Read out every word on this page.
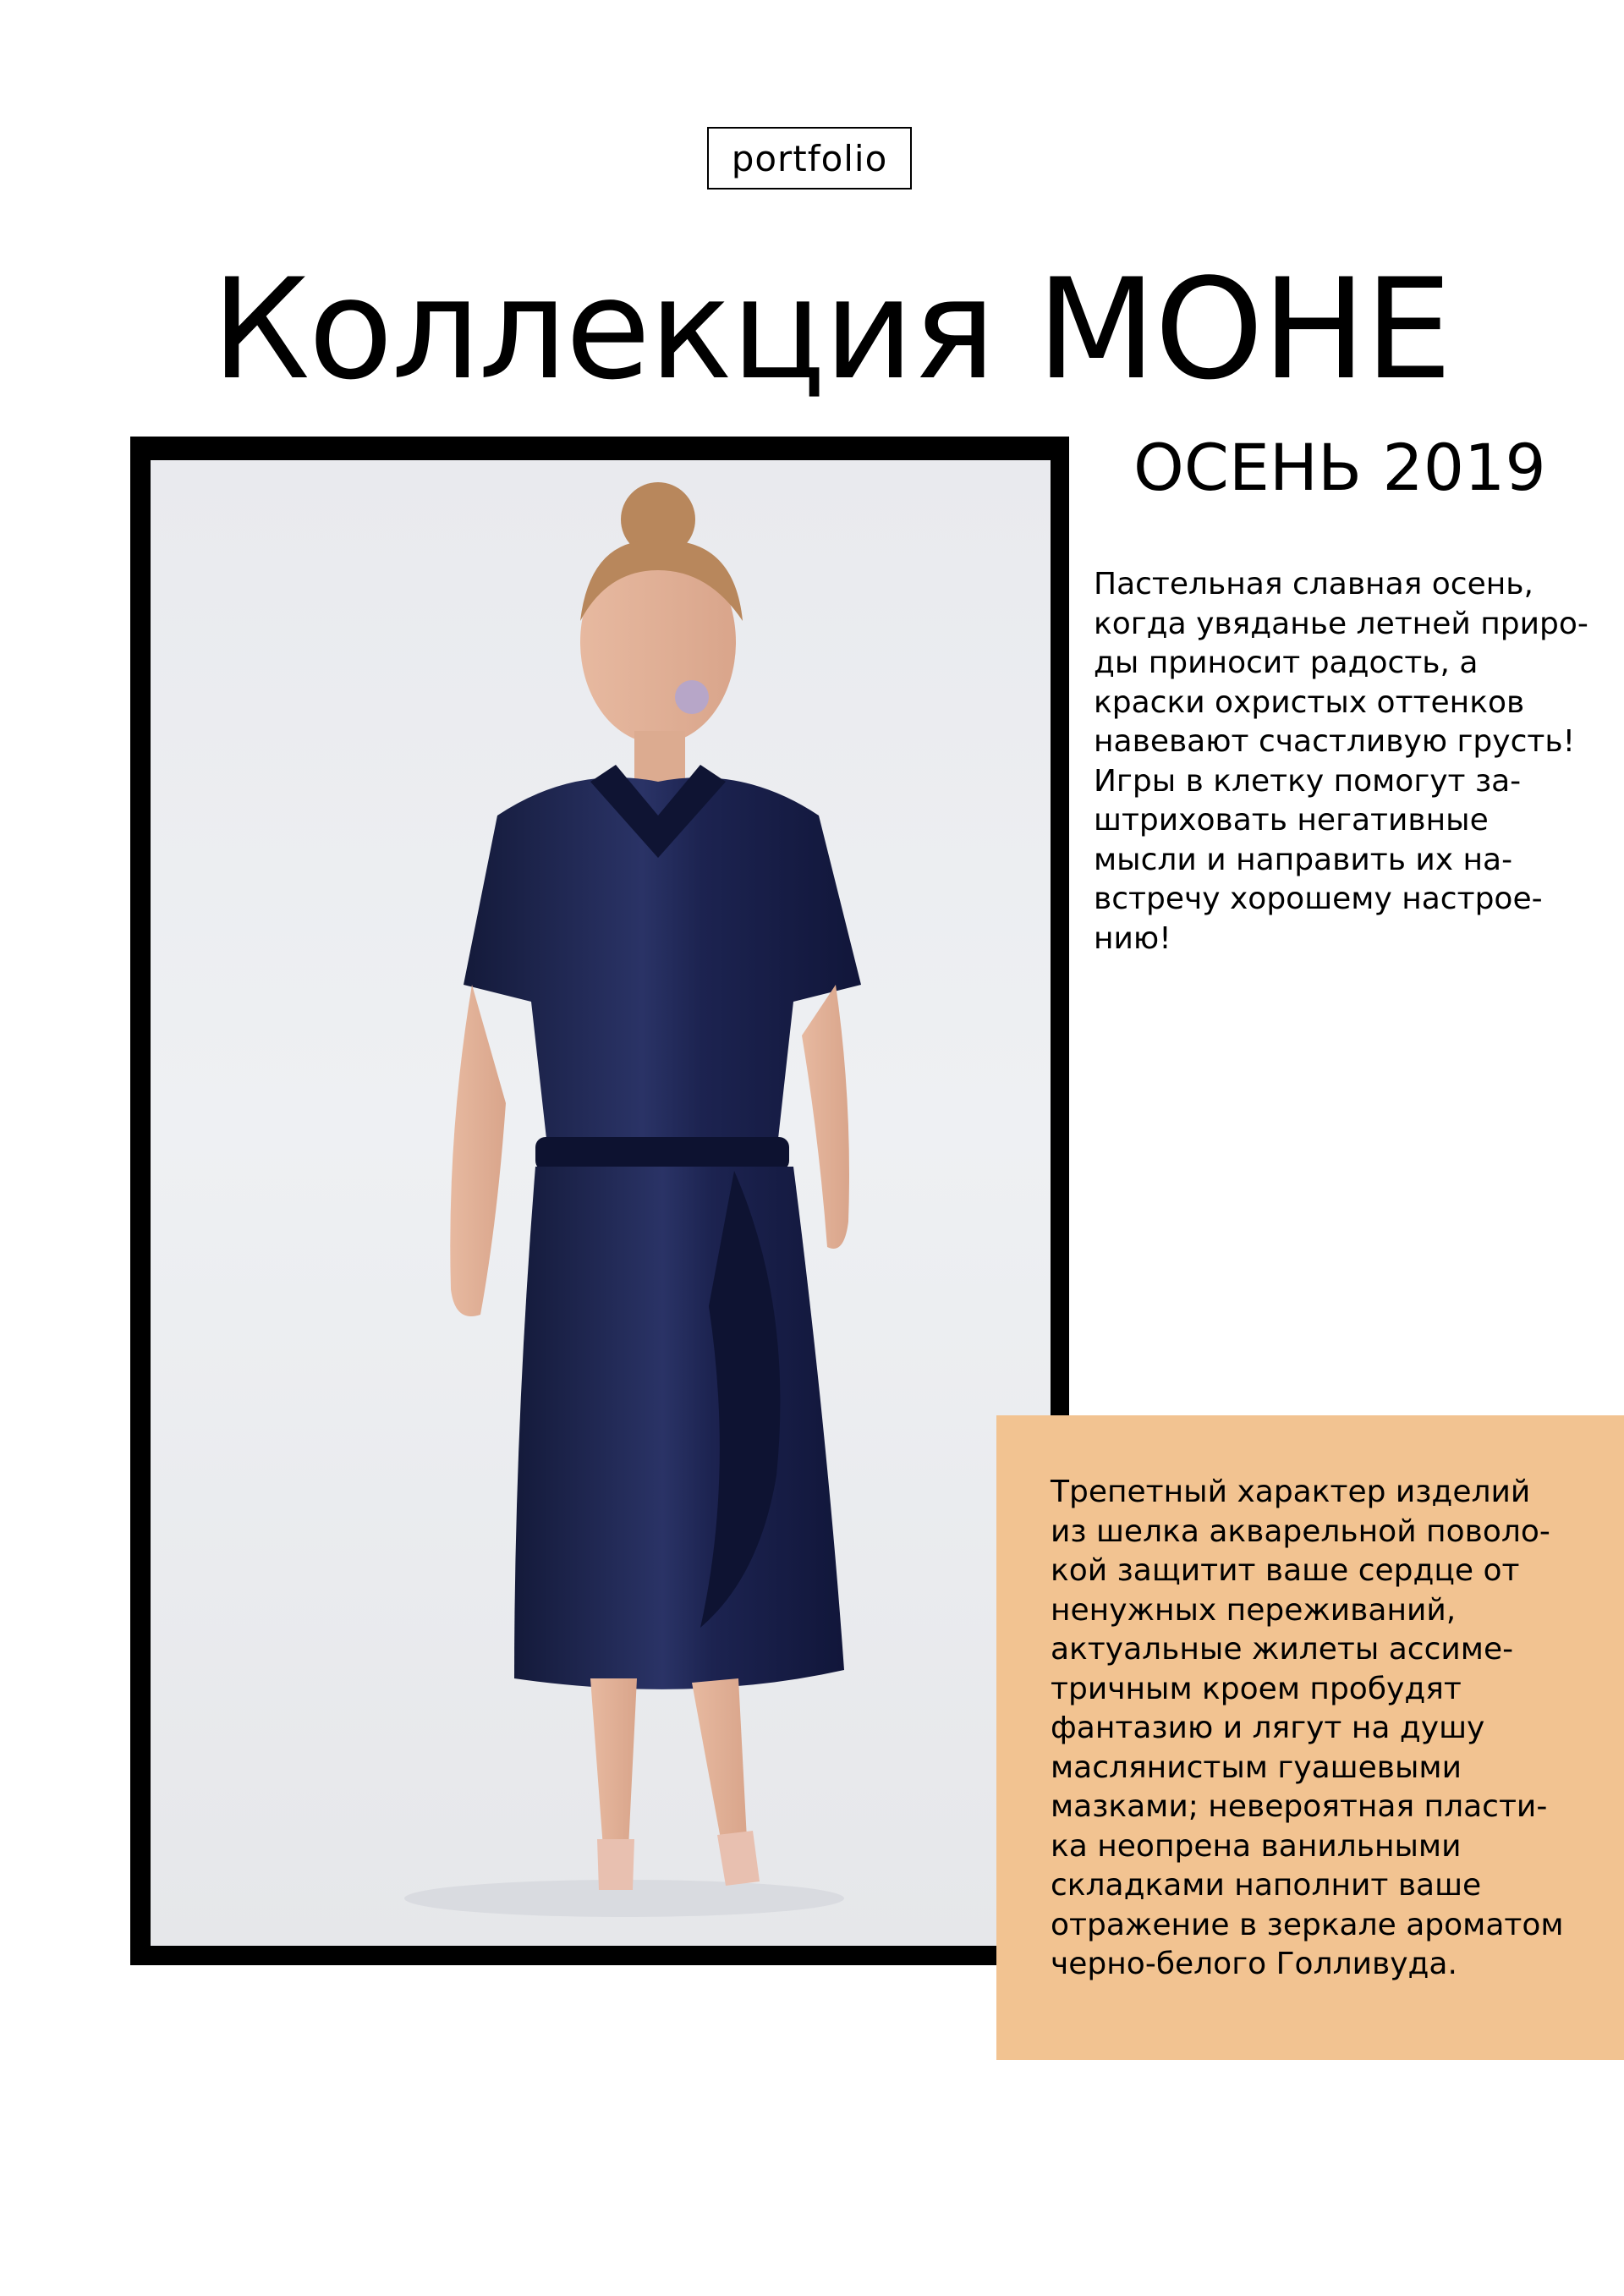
portfolio
Коллекция МОНЕ
ОСЕНЬ 2019

Пастельная славная осень,
когда увяданье летней приро-
ды приносит радость, а
краски охристых оттенков
навевают счастливую грусть!
Игры в клетку помогут за-
штриховать негативные
мысли и направить их на-
встречу хорошему настрое-
нию!

Трепетный характер изделий
из шелка акварельной поволо-
кой защитит ваше сердце от
ненужных переживаний,
актуальные жилеты ассиме-
тричным кроем пробудят
фантазию и лягут на душу
маслянистым гуашевыми
мазками; невероятная пласти-
ка неопрена ванильными
складками наполнит ваше
отражение в зеркале ароматом
черно-белого Голливуда.
